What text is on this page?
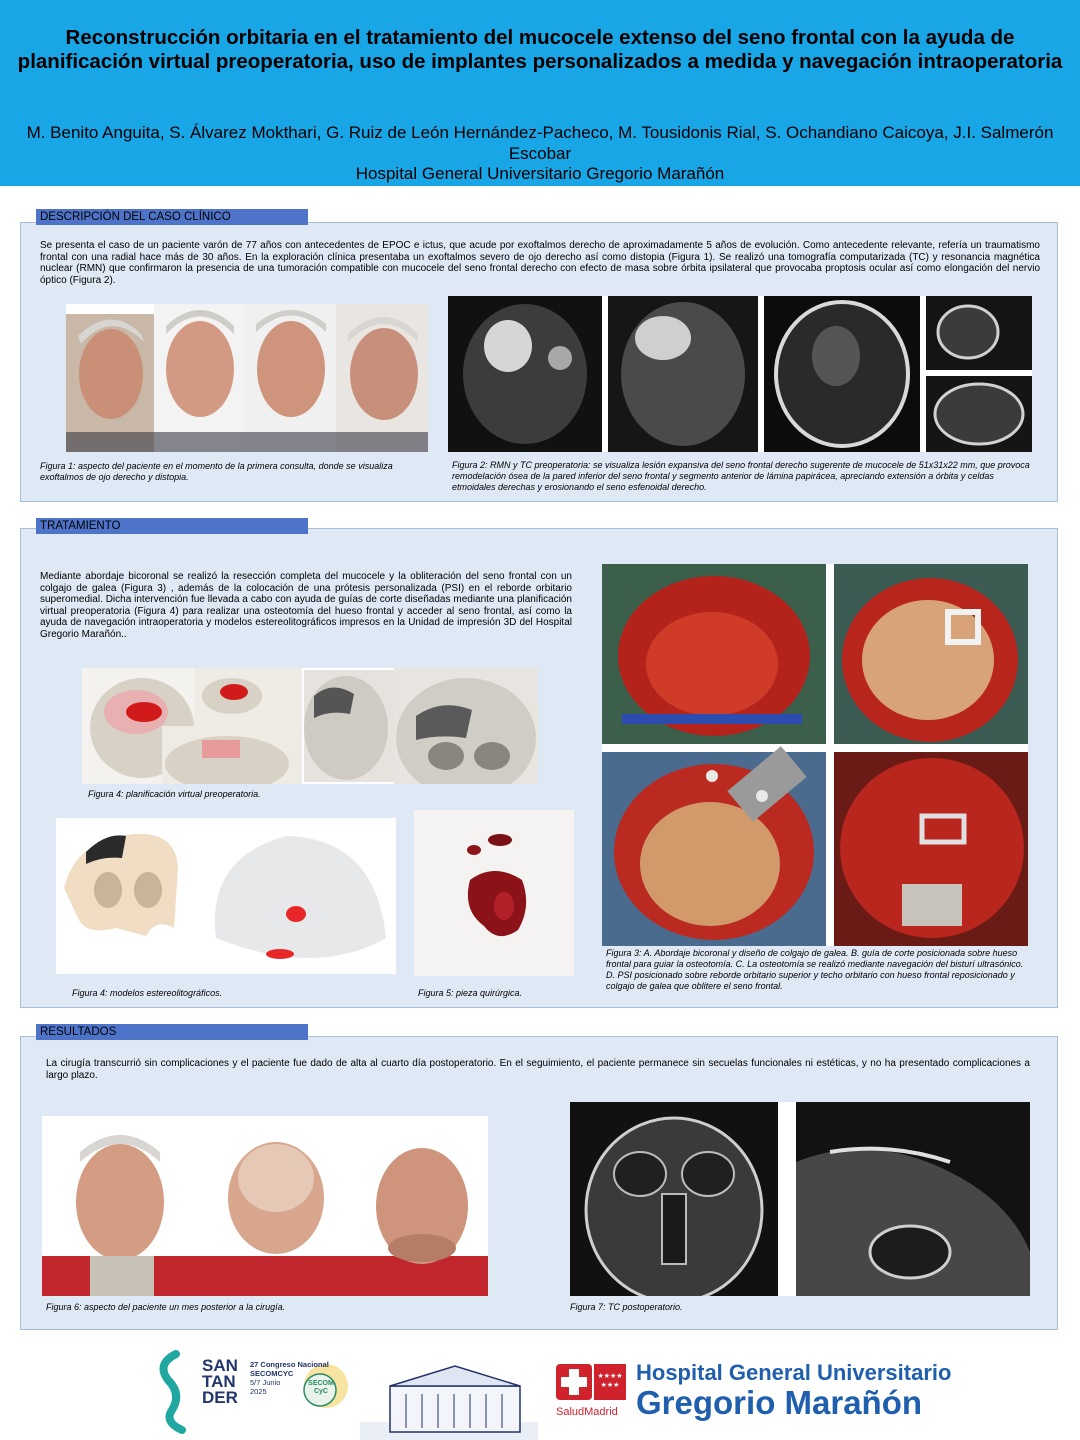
Reconstrucción orbitaria en el tratamiento del mucocele extenso del seno frontal con la ayuda de planificación virtual preoperatoria, uso de implantes personalizados a medida y navegación intraoperatoria

M. Benito Anguita, S. Álvarez Mokthari, G. Ruiz de León Hernández-Pacheco, M. Tousidonis Rial, S. Ochandiano Caicoya, J.I. Salmerón Escobar

Hospital General Universitario Gregorio Marañón

DESCRIPCIÓN DEL CASO CLÍNICO

Se presenta el caso de un paciente varón de 77 años con antecedentes de EPOC e ictus, que acude por exoftalmos derecho de aproximadamente 5 años de evolución. Como antecedente relevante, refería un traumatismo frontal con una radial hace más de 30 años. En la exploración clínica presentaba un exoftalmos severo de ojo derecho así como distopia (Figura 1). Se realizó una tomografía computarizada (TC) y resonancia magnética nuclear (RMN) que confirmaron la presencia de una tumoración compatible con mucocele del seno frontal derecho con efecto de masa sobre órbita ipsilateral que provocaba proptosis ocular así como elongación del nervio óptico (Figura 2).

Figura 1: aspecto del paciente en el momento de la primera consulta, donde se visualiza exoftalmos de ojo derecho y distopia.

Figura 2: RMN y TC preoperatoria: se visualiza lesión expansiva del seno frontal derecho sugerente de mucocele de 51x31x22 mm, que provoca remodelación ósea de la pared inferior del seno frontal y segmento anterior de lámina papirácea, apreciando extensión a órbita y celdas etmoidales derechas y erosionando el seno esfenoidal derecho.

TRATAMIENTO

Mediante abordaje bicoronal se realizó la resección completa del mucocele y la obliteración del seno frontal con un colgajo de galea (Figura 3) , además de la colocación de una prótesis personalizada (PSI) en el reborde orbitario superomedial. Dicha intervención fue llevada a cabo con ayuda de guías de corte diseñadas mediante una planificación virtual preoperatoria (Figura 4) para realizar una osteotomía del hueso frontal y acceder al seno frontal, así como la ayuda de navegación intraoperatoria y modelos estereolitográficos impresos en la Unidad de impresión 3D del Hospital Gregorio Marañón..

Figura 4: planificación virtual preoperatoria.

Figura 4: modelos estereolitográficos.	Figura 5: pieza quirúrgica.

Figura 3: A. Abordaje bicoronal y diseño de colgajo de galea. B. guía de corte posicionada sobre hueso frontal para guiar la osteotomía. C. La osteotomía se realizó mediante navegación del bisturí ultrasónico. D. PSI posicionado sobre reborde orbitario superior y techo orbitario con hueso frontal reposicionado y colgajo de galea que oblitere el seno frontal.

RESULTADOS

La cirugía transcurrió sin complicaciones y el paciente fue dado de alta al cuarto día postoperatorio. En el seguimiento, el paciente permanece sin secuelas funcionales ni estéticas, y no ha presentado complicaciones a largo plazo.

Figura 6: aspecto del paciente un mes posterior a la cirugía.	Figura 7: TC postoperatorio.

SAN
TAN
DER
27 Congreso Nacional
SECOMCYC
5/7 Junio
2025
SECOM
CyC
★★★★
★★★
SaludMadrid
Hospital General Universitario
Gregorio Marañón
